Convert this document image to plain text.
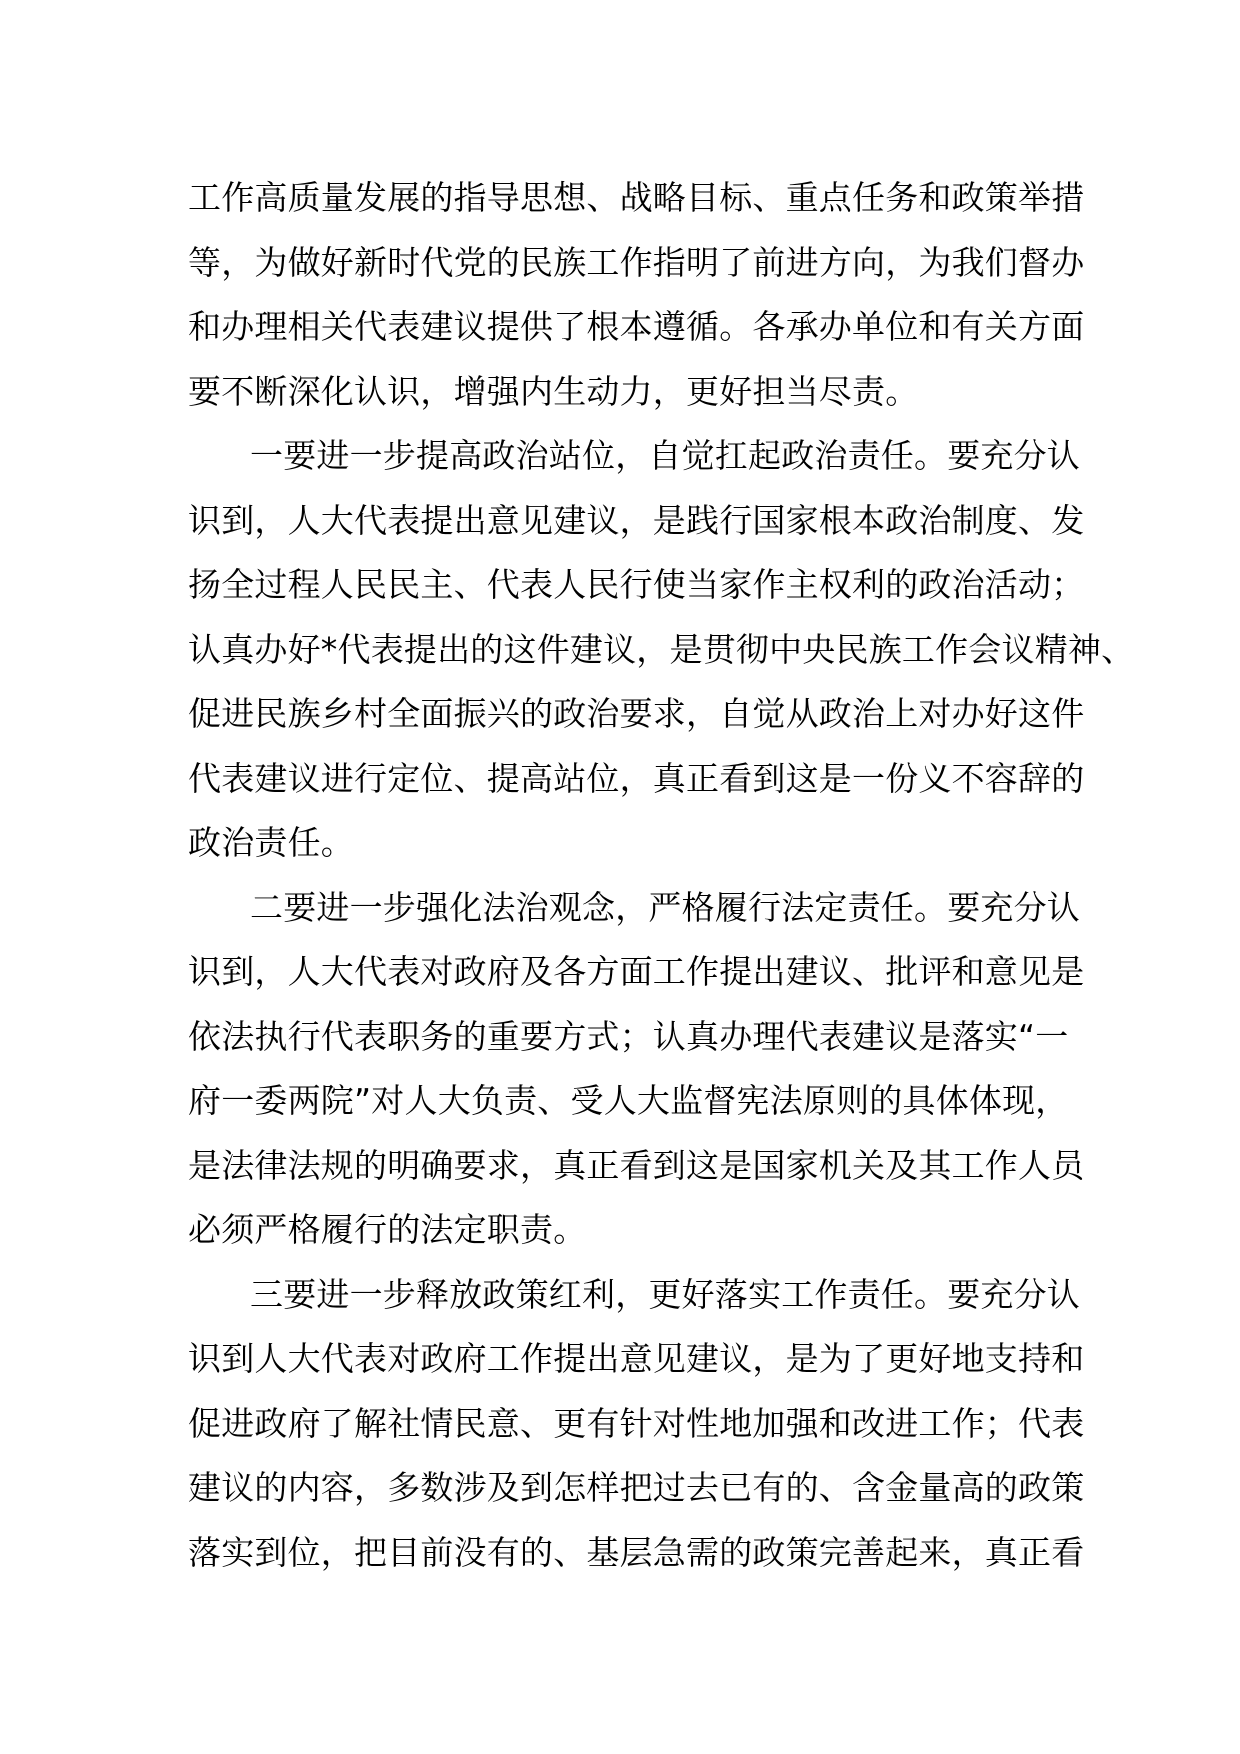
工作高质量发展的指导思想、战略目标、重点任务和政策举措
等，为做好新时代党的民族工作指明了前进方向，为我们督办
和办理相关代表建议提供了根本遵循。各承办单位和有关方面
要不断深化认识，增强内生动力，更好担当尽责。
一要进一步提高政治站位，自觉扛起政治责任。要充分认
识到，人大代表提出意见建议，是践行国家根本政治制度、发
扬全过程人民民主、代表人民行使当家作主权利的政治活动；
认真办好*代表提出的这件建议，是贯彻中央民族工作会议精神、
促进民族乡村全面振兴的政治要求，自觉从政治上对办好这件
代表建议进行定位、提高站位，真正看到这是一份义不容辞的
政治责任。
二要进一步强化法治观念，严格履行法定责任。要充分认
识到，人大代表对政府及各方面工作提出建议、批评和意见是
依法执行代表职务的重要方式；认真办理代表建议是落实“一
府一委两院”对人大负责、受人大监督宪法原则的具体体现，
是法律法规的明确要求，真正看到这是国家机关及其工作人员
必须严格履行的法定职责。
三要进一步释放政策红利，更好落实工作责任。要充分认
识到人大代表对政府工作提出意见建议，是为了更好地支持和
促进政府了解社情民意、更有针对性地加强和改进工作；代表
建议的内容，多数涉及到怎样把过去已有的、含金量高的政策
落实到位，把目前没有的、基层急需的政策完善起来，真正看
